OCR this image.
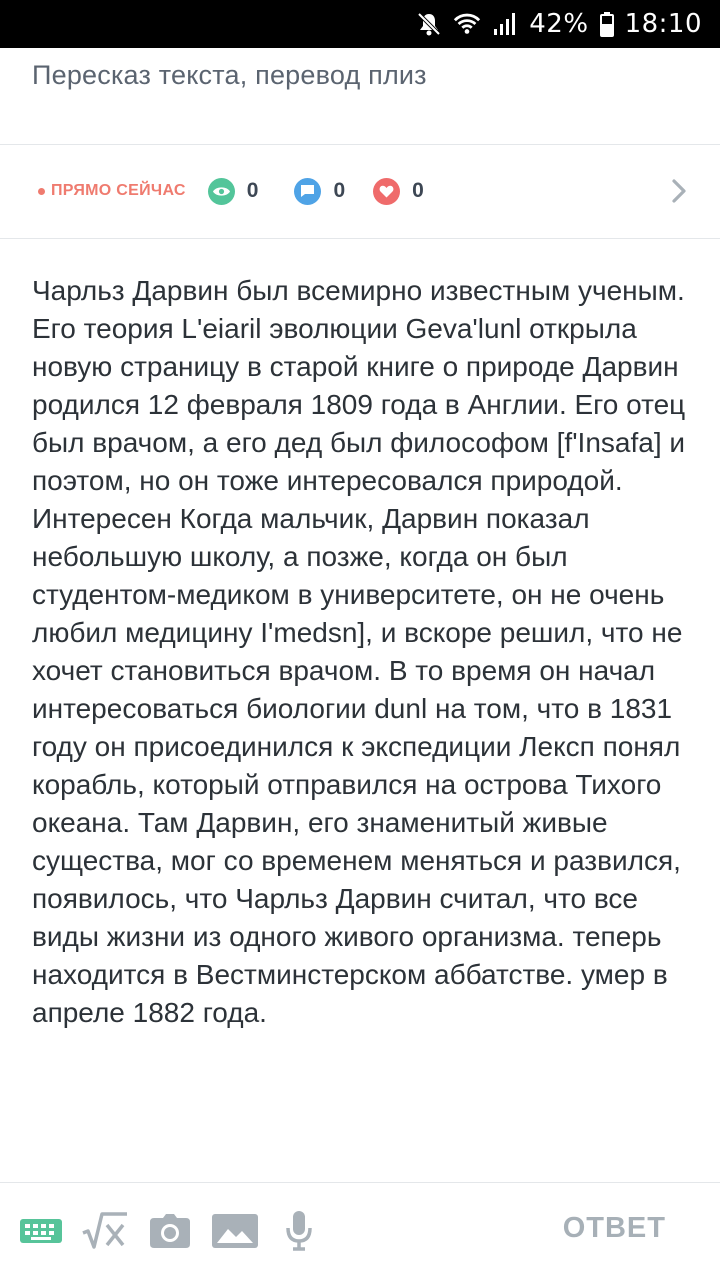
42% 18:10
Пересказ текста, перевод плиз
ПРЯМО СЕЙЧАС	0	0	0
Чарльз Дарвин был всемирно известным ученым. Его теория L'eiaril эволюции Geva'lunl открыла новую страницу в старой книге о природе Дарвин родился 12 февраля 1809 года в Англии. Его отец был врачом, а его дед был философом [f'Insafa] и поэтом, но он тоже интересовался природой. Интересен Когда мальчик, Дарвин показал небольшую школу, а позже, когда он был студентом-медиком в университете, он не очень любил медицину I'medsn], и вскоре решил, что не хочет становиться врачом. В то время он начал интересоваться биологии dunl на том, что в 1831 году он присоединился к экспедиции Лексп понял корабль, который отправился на острова Тихого океана. Там Дарвин, его знаменитый живые существа, мог со временем меняться и развился, появилось, что Чарльз Дарвин считал, что все виды жизни из одного живого организма. теперь находится в Вестминстерском аббатстве. умер в апреле 1882 года.
ОТВЕТ
